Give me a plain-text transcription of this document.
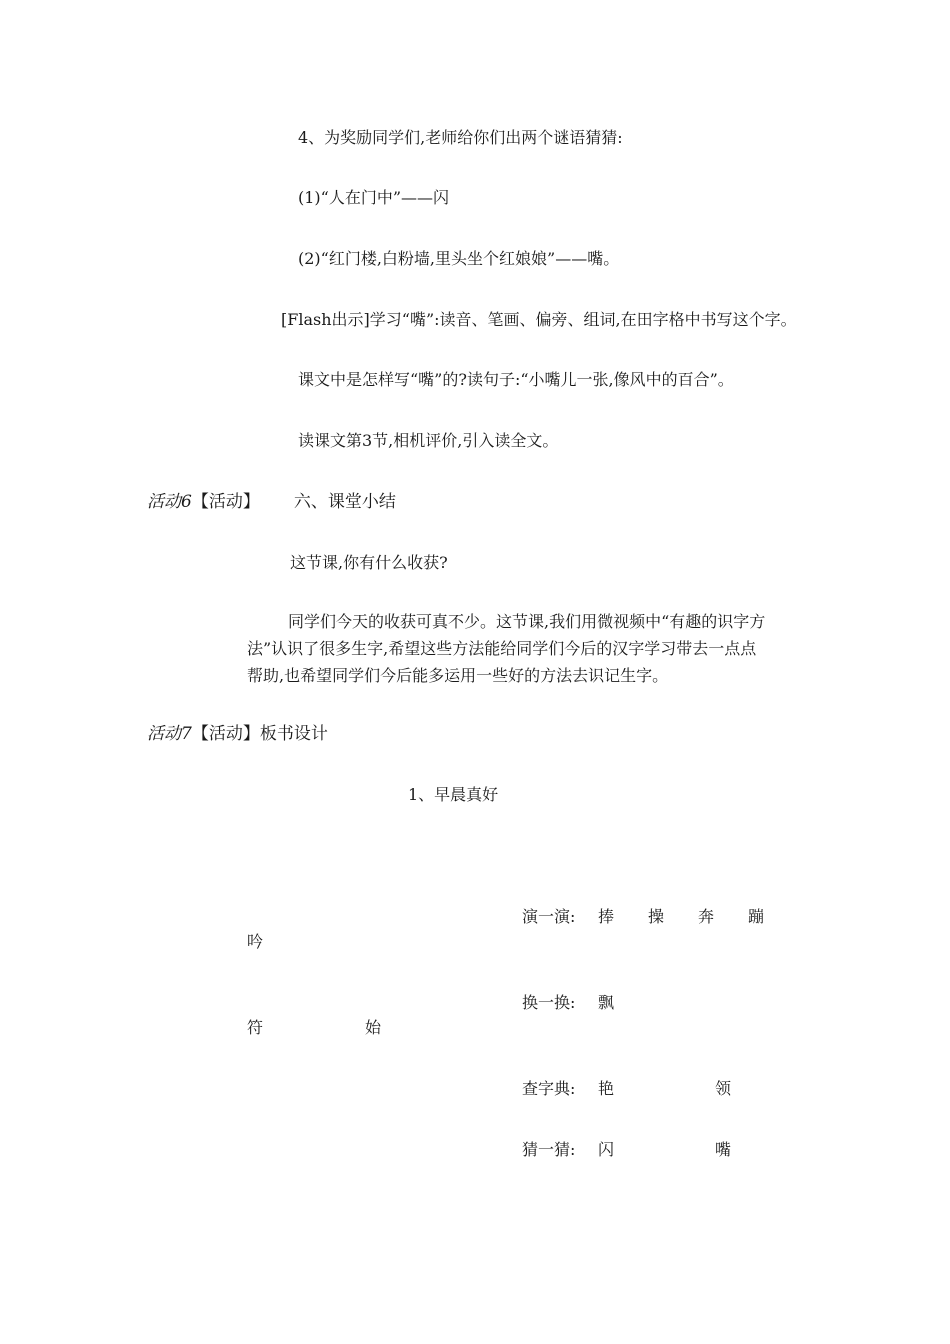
4、为奖励同学们,老师给你们出两个谜语猜猜:
(1)“人在门中”——闪
(2)“红门楼,白粉墙,里头坐个红娘娘”——嘴。
[Flash出示]学习“嘴”:读音、笔画、偏旁、组词,在田字格中书写这个字。
课文中是怎样写“嘴”的?读句子:“小嘴儿一张,像风中的百合”。
读课文第3节,相机评价,引入读全文。
活动6【活动】 六、课堂小结
这节课,你有什么收获?
同学们今天的收获可真不少。这节课,我们用微视频中“有趣的识字方
法”认识了很多生字,希望这些方法能给同学们今后的汉字学习带去一点点
帮助,也希望同学们今后能多运用一些好的方法去识记生字。
活动7【活动】板书设计
1、早晨真好
演一演: 捧 操 奔 蹦
吟
换一换: 飘
符	始
查字典: 艳	领
猜一猜: 闪	嘴
